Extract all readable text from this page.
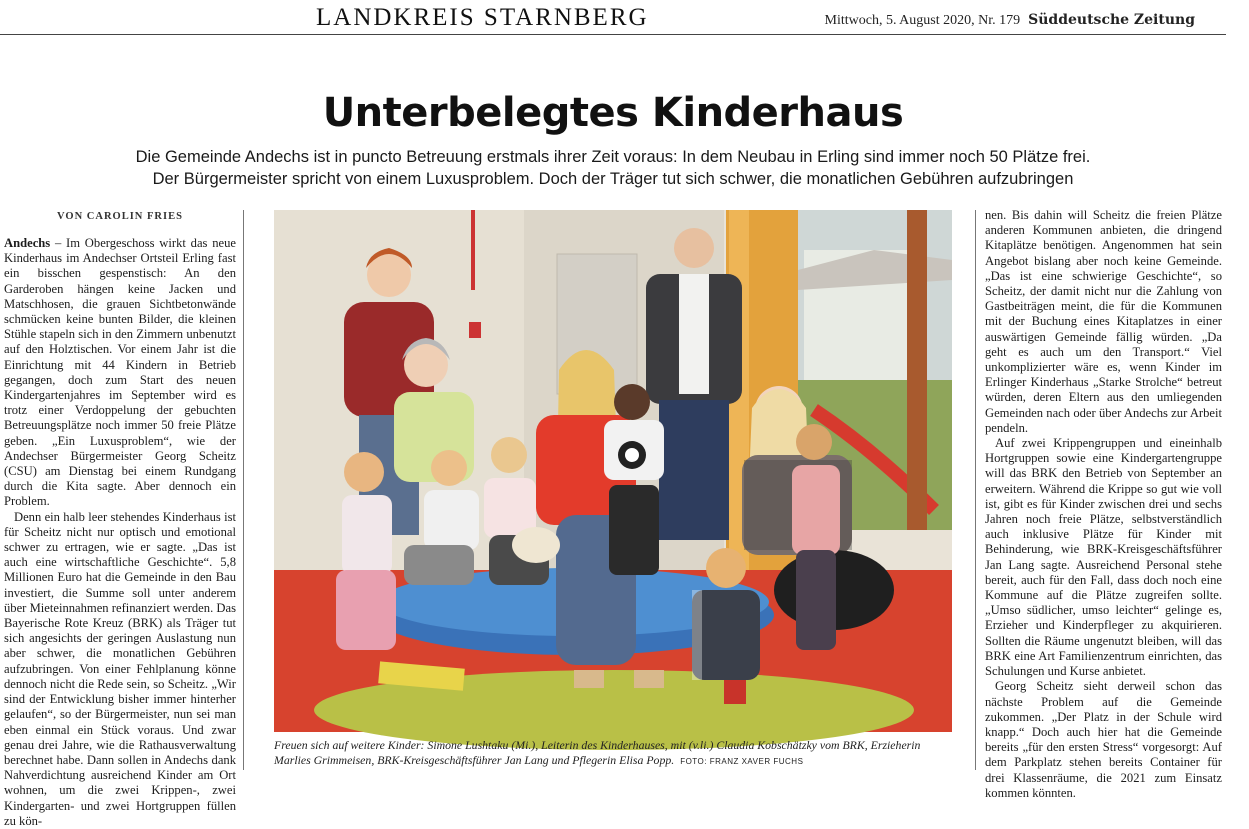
LANDKREIS STARNBERG	Mittwoch, 5. August 2020, Nr. 179 Süddeutsche Zeitung
Unterbelegtes Kinderhaus
Die Gemeinde Andechs ist in puncto Betreuung erstmals ihrer Zeit voraus: In dem Neubau in Erling sind immer noch 50 Plätze frei.
Der Bürgermeister spricht von einem Luxusproblem. Doch der Träger tut sich schwer, die monatlichen Gebühren aufzubringen
VON CAROLIN FRIES

Andechs – Im Obergeschoss wirkt das neue Kinderhaus im Andechser Ortsteil Erling fast ein bisschen gespenstisch: An den Garderoben hängen keine Jacken und Matschhosen, die grauen Sichtbetonwände schmücken keine bunten Bilder, die kleinen Stühle stapeln sich in den Zimmern unbenutzt auf den Holztischen. Vor einem Jahr ist die Einrichtung mit 44 Kindern in Betrieb gegangen, doch zum Start des neuen Kindergartenjahres im September wird es trotz einer Verdoppelung der gebuchten Betreuungsplätze noch immer 50 freie Plätze geben. „Ein Luxusproblem“, wie der Andechser Bürgermeister Georg Scheitz (CSU) am Dienstag bei einem Rundgang durch die Kita sagte. Aber dennoch ein Problem.

Denn ein halb leer stehendes Kinderhaus ist für Scheitz nicht nur optisch und emotional schwer zu ertragen, wie er sagte. „Das ist auch eine wirtschaftliche Geschichte“. 5,8 Millionen Euro hat die Gemeinde in den Bau investiert, die Summe soll unter anderem über Mieteinnahmen refinanziert werden. Das Bayerische Rote Kreuz (BRK) als Träger tut sich angesichts der geringen Auslastung nun aber schwer, die monatlichen Gebühren aufzubringen. Von einer Fehlplanung könne dennoch nicht die Rede sein, so Scheitz. „Wir sind der Entwicklung bisher immer hinterher gelaufen“, so der Bürgermeister, nun sei man eben einmal ein Stück voraus. Und zwar genau drei Jahre, wie die Rathausverwaltung berechnet habe. Dann sollen in Andechs dank Nahverdichtung ausreichend Kinder am Ort wohnen, um die zwei Krippen-, zwei Kindergarten- und zwei Hortgruppen füllen zu kön-

Freuen sich auf weitere Kinder: Simone Lushtaku (Mi.), Leiterin des Kinderhauses, mit (v.li.) Claudia Kobschätzky vom BRK, Erzieherin Marlies Grimmeisen, BRK-Kreisgeschäftsführer Jan Lang und Pflegerin Elisa Popp. FOTO: FRANZ XAVER FUCHS

nen. Bis dahin will Scheitz die freien Plätze anderen Kommunen anbieten, die dringend Kitaplätze benötigen. Angenommen hat sein Angebot bislang aber noch keine Gemeinde. „Das ist eine schwierige Geschichte“, so Scheitz, der damit nicht nur die Zahlung von Gastbeiträgen meint, die für die Kommunen mit der Buchung eines Kitaplatzes in einer auswärtigen Gemeinde fällig würden. „Da geht es auch um den Transport.“ Viel unkomplizierter wäre es, wenn Kinder im Erlinger Kinderhaus „Starke Strolche“ betreut würden, deren Eltern aus den umliegenden Gemeinden nach oder über Andechs zur Arbeit pendeln.

Auf zwei Krippengruppen und eineinhalb Hortgruppen sowie eine Kindergartengruppe will das BRK den Betrieb von September an erweitern. Während die Krippe so gut wie voll ist, gibt es für Kinder zwischen drei und sechs Jahren noch freie Plätze, selbstverständlich auch inklusive Plätze für Kinder mit Behinderung, wie BRK-Kreisgeschäftsführer Jan Lang sagte. Ausreichend Personal stehe bereit, auch für den Fall, dass doch noch eine Kommune auf die Plätze zugreifen sollte. „Umso südlicher, umso leichter“ gelinge es, Erzieher und Kinderpfleger zu akquirieren. Sollten die Räume ungenutzt bleiben, will das BRK eine Art Familienzentrum einrichten, das Schulungen und Kurse anbietet.

Georg Scheitz sieht derweil schon das nächste Problem auf die Gemeinde zukommen. „Der Platz in der Schule wird knapp.“ Doch auch hier hat die Gemeinde bereits „für den ersten Stress“ vorgesorgt: Auf dem Parkplatz stehen bereits Container für drei Klassenräume, die 2021 zum Einsatz kommen könnten.
